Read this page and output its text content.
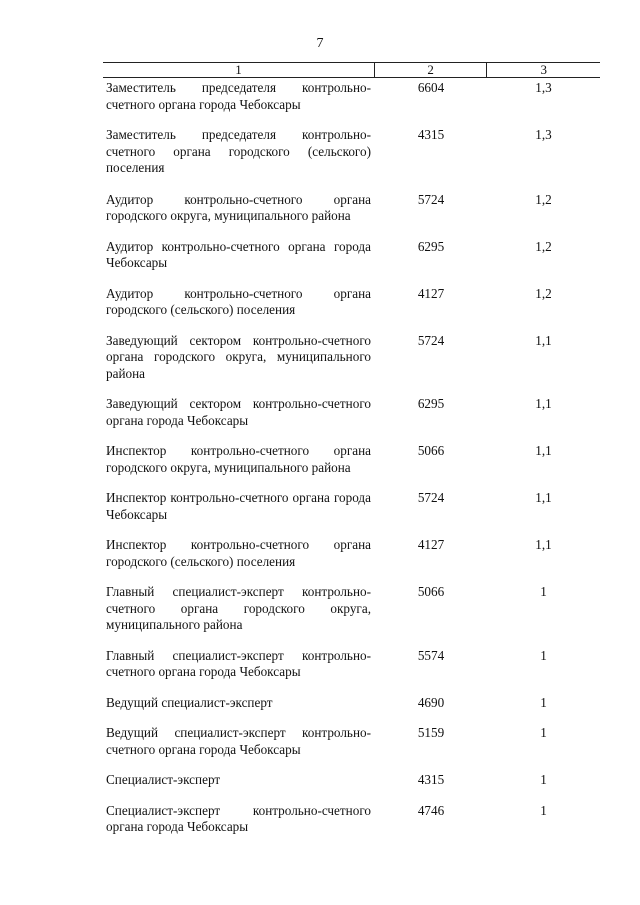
7
1	2	3
Заместитель председателя контрольно-счетного органа города Чебоксары
6604	1,3
Заместитель председателя контрольно-счетного органа городского (сельского) поселения
4315	1,3
Аудитор контрольно-счетного органа городского округа, муниципального района
5724	1,2
Аудитор контрольно-счетного органа города Чебоксары
6295	1,2
Аудитор контрольно-счетного органа городского (сельского) поселения
4127	1,2
Заведующий сектором контрольно-счетного органа городского округа, муниципального района
5724	1,1
Заведующий сектором контрольно-счетного органа города Чебоксары
6295	1,1
Инспектор контрольно-счетного органа городского округа, муниципального района
5066	1,1
Инспектор контрольно-счетного органа города Чебоксары
5724	1,1
Инспектор контрольно-счетного органа городского (сельского) поселения
4127	1,1
Главный специалист-эксперт контрольно-счетного органа городского округа, муниципального района
5066	1
Главный специалист-эксперт контрольно-счетного органа города Чебоксары
5574	1
Ведущий специалист-эксперт	4690	1
Ведущий специалист-эксперт контрольно-счетного органа города Чебоксары
5159	1
Специалист-эксперт	4315	1
Специалист-эксперт контрольно-счетного органа города Чебоксары
4746	1
